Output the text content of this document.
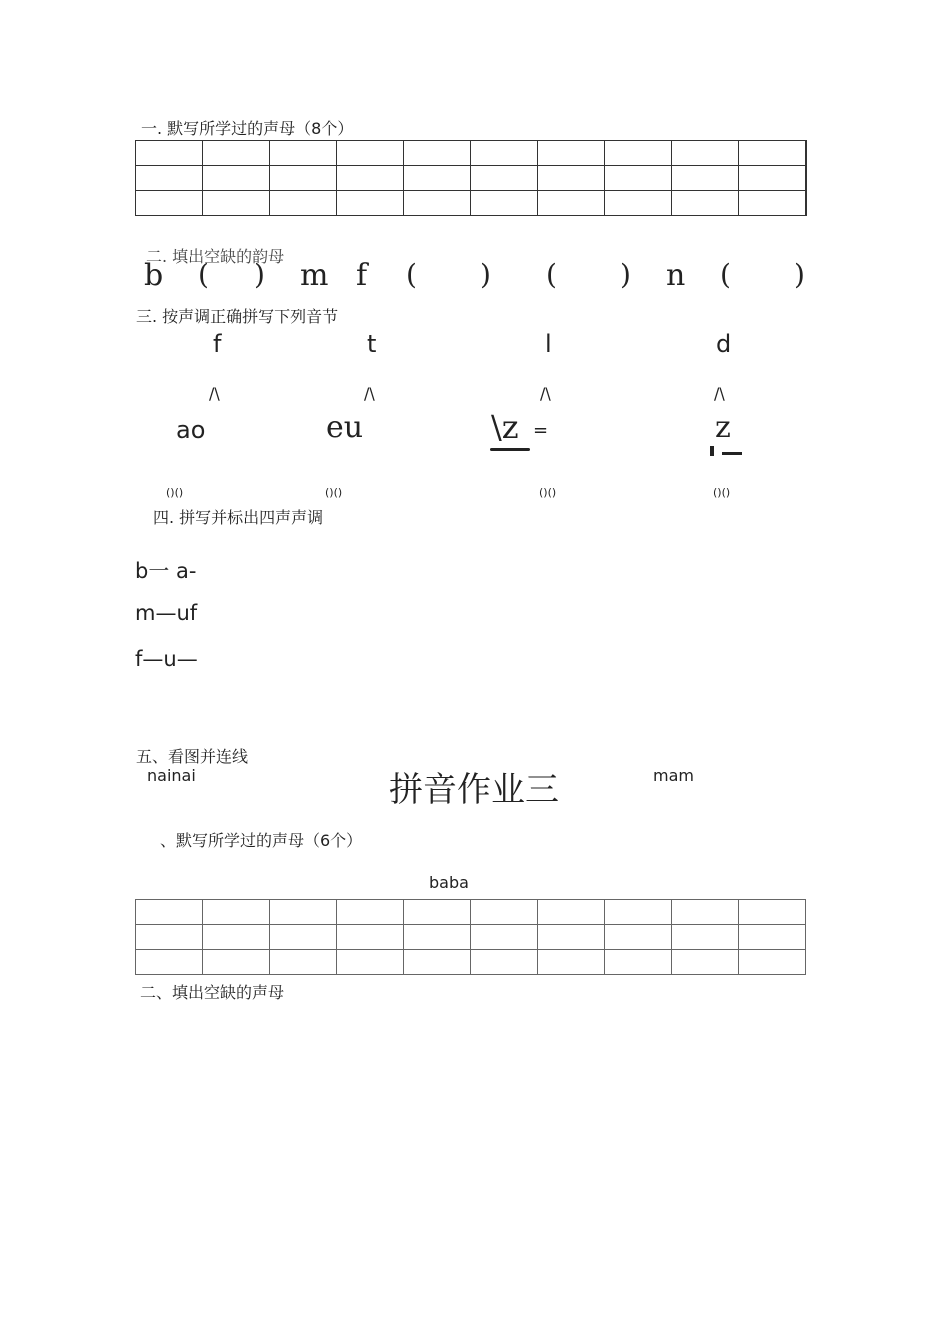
一. 默写所学过的声母（8个）

二. 填出空缺的韵母
b ( ) m f ( ) ( ) n ( )
三. 按声调正确拼写下列音节
f	t	l	d
/\	/\	/\	/\
ao	eu	\z =	z
()()	()()	()()	()()
四. 拼写并标出四声声调
b一 a-
m—uf
f—u—
五、看图并连线
nainai	mam
拼音作业三
、默写所学过的声母（6个）
baba

二、填出空缺的声母
